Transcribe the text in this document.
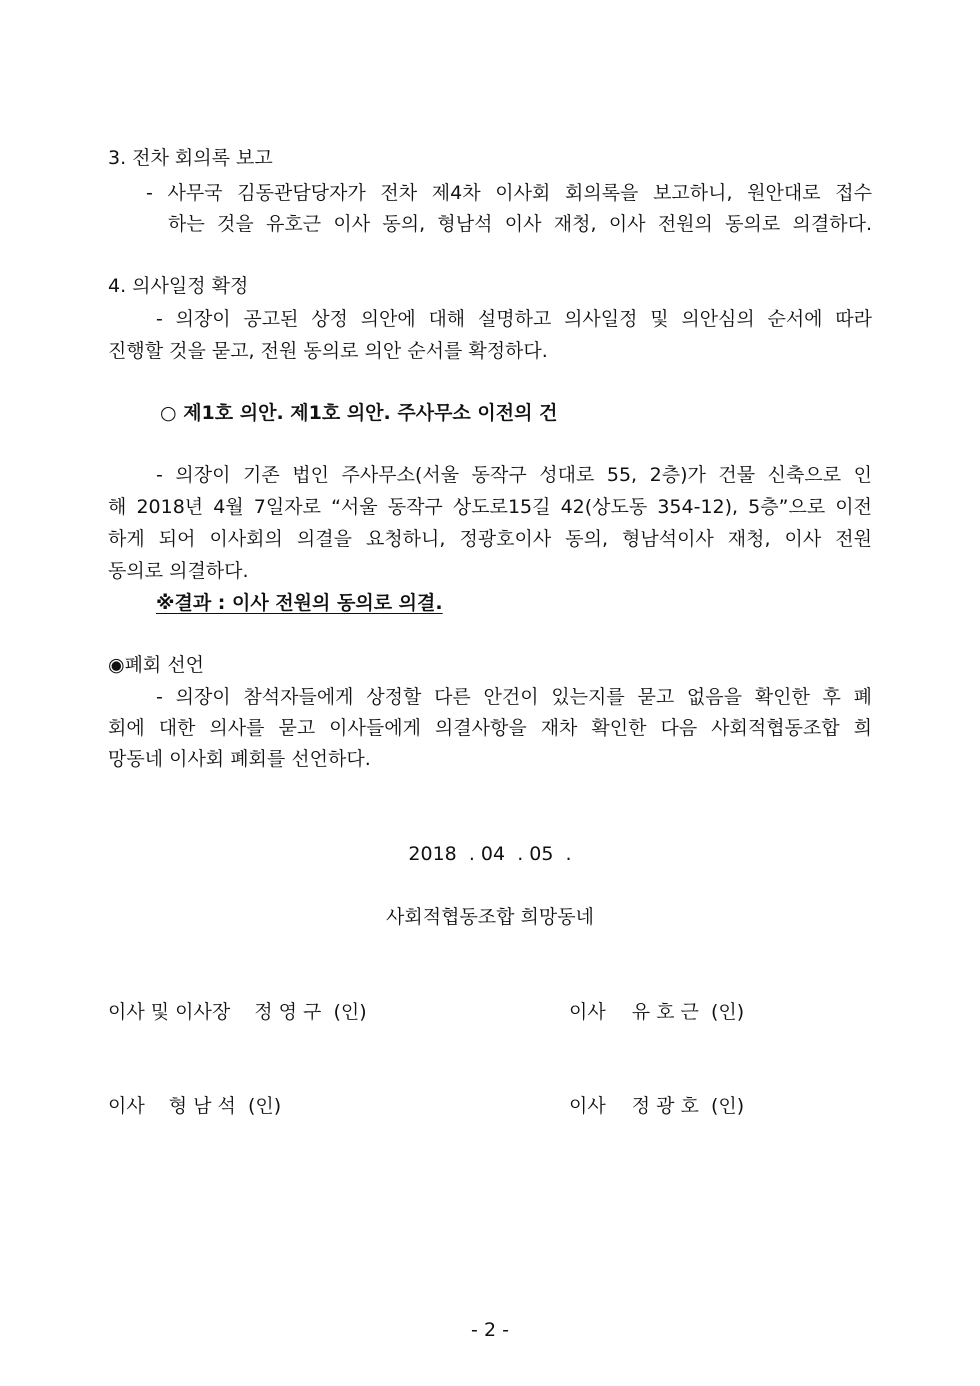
3. 전차 회의록 보고
- 사무국 김동관담당자가 전차 제4차 이사회 회의록을 보고하니, 원안대로 접수
하는 것을 유호근 이사 동의, 형남석 이사 재청, 이사 전원의 동의로 의결하다.
4. 의사일정 확정
- 의장이 공고된 상정 의안에 대해 설명하고 의사일정 및 의안심의 순서에 따라
진행할 것을 묻고, 전원 동의로 의안 순서를 확정하다.
○ 제1호 의안. 제1호 의안. 주사무소 이전의 건
- 의장이 기존 법인 주사무소(서울 동작구 성대로 55, 2층)가 건물 신축으로 인
해 2018년 4월 7일자로 “서울 동작구 상도로15길 42(상도동 354-12), 5층”으로 이전
하게 되어 이사회의 의결을 요청하니, 정광호이사 동의, 형남석이사 재청, 이사 전원
동의로 의결하다.
※결과 : 이사 전원의 동의로 의결.
◉폐회 선언
- 의장이 참석자들에게 상정할 다른 안건이 있는지를 묻고 없음을 확인한 후 폐
회에 대한 의사를 묻고 이사들에게 의결사항을 재차 확인한 다음 사회적협동조합 희
망동네 이사회 폐회를 선언하다.
2018  . 04  . 05  .
사회적협동조합 희망동네
이사 및 이사장 정 영 구 (인)	이사 유 호 근 (인)
이사 형 남 석 (인)	이사 정 광 호 (인)
- 2 -
